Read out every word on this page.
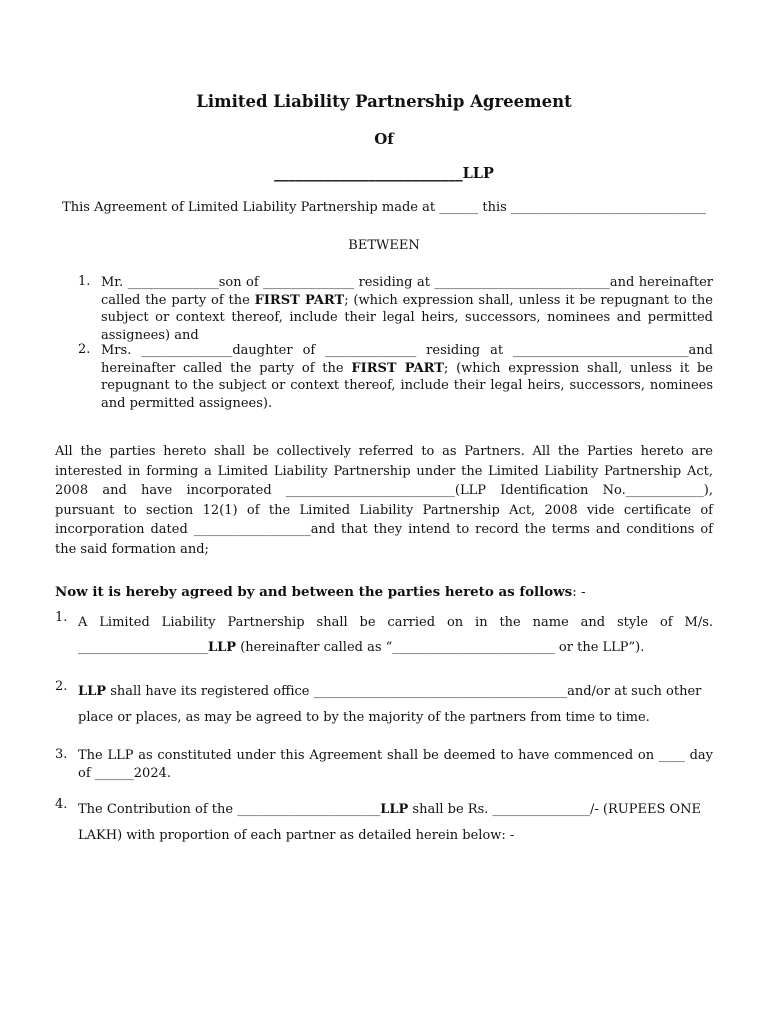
Limited Liability Partnership Agreement
Of
__________________________LLP
This Agreement of Limited Liability Partnership made at ______ this ______________________________
BETWEEN
1. Mr. ______________son of ______________ residing at ___________________________and hereinafter called the party of the FIRST PART; (which expression shall, unless it be repugnant to the subject or context thereof, include their legal heirs, successors, nominees and permitted assignees) and
2. Mrs. ______________daughter of ______________ residing at ___________________________and hereinafter called the party of the FIRST PART; (which expression shall, unless it be repugnant to the subject or context thereof, include their legal heirs, successors, nominees and permitted assignees).
All the parties hereto shall be collectively referred to as Partners. All the Parties hereto are interested in forming a Limited Liability Partnership under the Limited Liability Partnership Act, 2008 and have incorporated __________________________(LLP Identification No.____________), pursuant to section 12(1) of the Limited Liability Partnership Act, 2008 vide certificate of incorporation dated __________________and that they intend to record the terms and conditions of the said formation and;
Now it is hereby agreed by and between the parties hereto as follows: -
1. A Limited Liability Partnership shall be carried on in the name and style of M/s. ____________________LLP (hereinafter called as “_________________________ or the LLP”).
2. LLP shall have its registered office _______________________________________and/or at such other place or places, as may be agreed to by the majority of the partners from time to time.
3. The LLP as constituted under this Agreement shall be deemed to have commenced on ____ day of ______2024.
4. The Contribution of the ______________________LLP shall be Rs. _______________/- (RUPEES ONE LAKH) with proportion of each partner as detailed herein below: -
